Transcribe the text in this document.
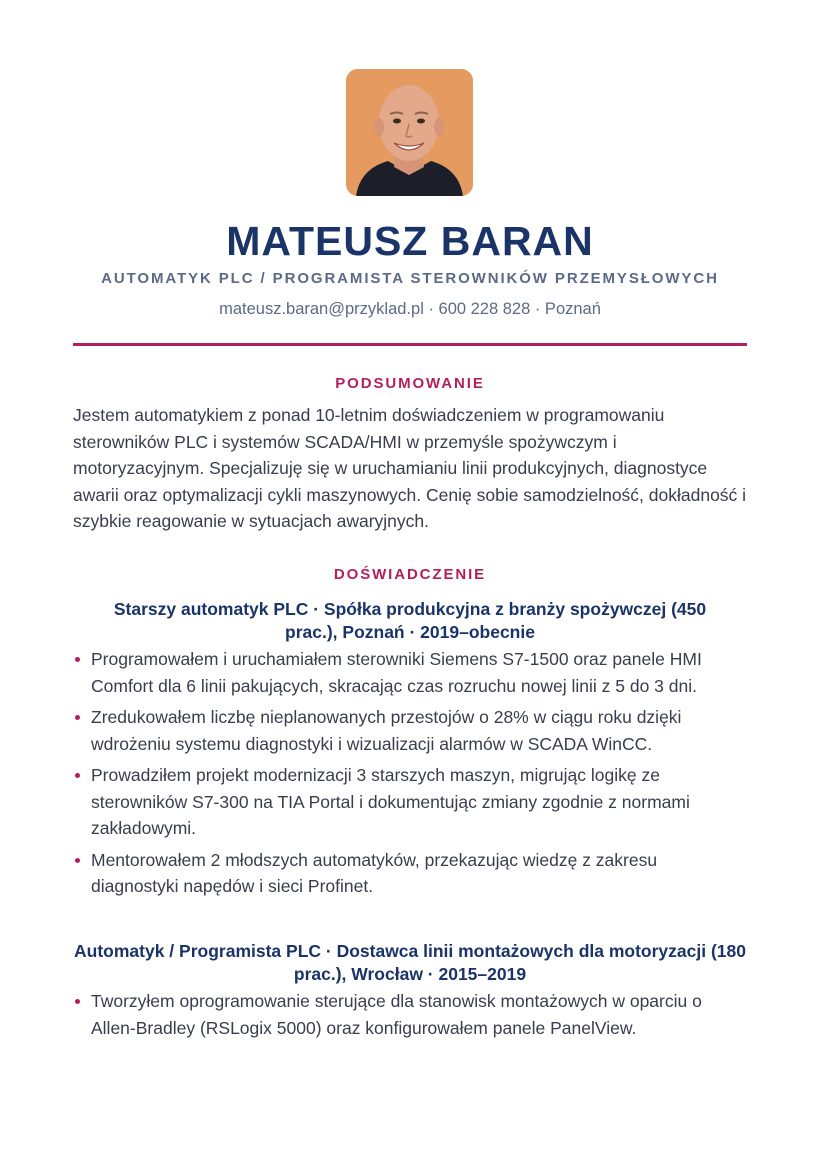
MATEUSZ BARAN
AUTOMATYK PLC / PROGRAMISTA STEROWNIKÓW PRZEMYSŁOWYCH
mateusz.baran@przyklad.pl · 600 228 828 · Poznań
PODSUMOWANIE

Jestem automatykiem z ponad 10-letnim doświadczeniem w programowaniu sterowników PLC i systemów SCADA/HMI w przemyśle spożywczym i motoryzacyjnym. Specjalizuję się w uruchamianiu linii produkcyjnych, diagnostyce awarii oraz optymalizacji cykli maszynowych. Cenię sobie samodzielność, dokładność i szybkie reagowanie w sytuacjach awaryjnych.

DOŚWIADCZENIE

Starszy automatyk PLC · Spółka produkcyjna z branży spożywczej (450 prac.), Poznań · 2019–obecnie

Programowałem i uruchamiałem sterowniki Siemens S7-1500 oraz panele HMI Comfort dla 6 linii pakujących, skracając czas rozruchu nowej linii z 5 do 3 dni.
Zredukowałem liczbę nieplanowanych przestojów o 28% w ciągu roku dzięki wdrożeniu systemu diagnostyki i wizualizacji alarmów w SCADA WinCC.
Prowadziłem projekt modernizacji 3 starszych maszyn, migrując logikę ze sterowników S7-300 na TIA Portal i dokumentując zmiany zgodnie z normami zakładowymi.
Mentorowałem 2 młodszych automatyków, przekazując wiedzę z zakresu diagnostyki napędów i sieci Profinet.

Automatyk / Programista PLC · Dostawca linii montażowych dla motoryzacji (180 prac.), Wrocław · 2015–2019

Tworzyłem oprogramowanie sterujące dla stanowisk montażowych w oparciu o Allen-Bradley (RSLogix 5000) oraz konfigurowałem panele PanelView.
